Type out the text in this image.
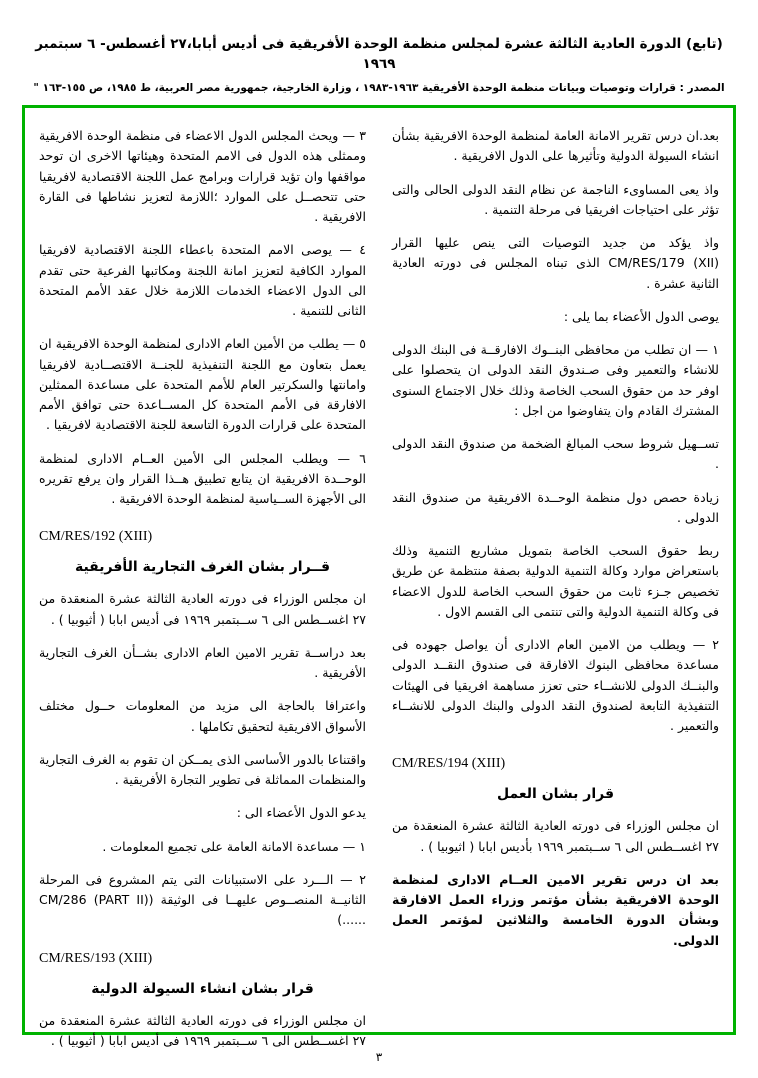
(تابع) الدورة العادية الثالثة عشرة لمجلس منظمة الوحدة الأفريقية فى أديس أبابا،٢٧ أغسطس- ٦ سبتمبر ١٩٦٩
المصدر : قرارات وتوصيات وبيانات منظمة الوحدة الأفريقية ١٩٦٣-١٩٨٣ ، وزارة الخارجية، جمهورية مصر العربية، ط ١٩٨٥، ص ١٥٥-١٦٣ "

بعد.ان درس تقرير الامانة العامة لمنظمة الوحدة الافريقية بشأن انشاء السيولة الدولية وتأثيرها على الدول الافريقية .

واذ يعى المساوىء الناجمة عن نظام النقد الدولى الحالى والتى تؤثر على احتياجات افريقيا فى مرحلة التنمية .

واذ يؤكد من جديد التوصيات التى ينص عليها القرار CM/RES/179 (XII) الذى تبناه المجلس فى دورته العادية الثانية عشرة .

يوصى الدول الأعضاء بما يلى :

١ — ان تطلب من محافظى البنــوك الافارقــة فى البنك الدولى للانشاء والتعمير وفى صـندوق النقد الدولى ان يتحصلوا على اوفر حد من حقوق السحب الخاصة وذلك خلال الاجتماع السنوى المشترك القادم وان يتفاوضوا من اجل :

تســهيل شروط سحب المبالغ الضخمة من صندوق النقد الدولى .

زيادة حصص دول منظمة الوحــدة الافريقية من صندوق النقد الدولى .

ربط حقوق السحب الخاصة بتمويل مشاريع التنمية وذلك باستعراض موارد وكالة التنمية الدولية بصفة منتظمة عن طريق تخصيص جـزء ثابت من حقوق السحب الخاصة للدول الاعضاء فى وكالة التنمية الدولية والتى تنتمى الى القسم الاول .

٢ — ويطلب من الامين العام الادارى أن يواصل جهوده فى مساعدة محافظى البنوك الافارقة فى صندوق النقــد الدولى والبنــك الدولى للانشــاء حتى تعزز مساهمة افريقيا فى الهيئات التنفيذية التابعة لصندوق النقد الدولى والبنك الدولى للانشــاء والتعمير .

CM/RES/194 (XIII)
قرار بشان العمل

ان مجلس الوزراء فى دورته العادية الثالثة عشرة المنعقدة من ٢٧ اغســطس الى ٦ ســبتمبر ١٩٦٩ بأديس ابابا ( اثيوبيا ) .

بعد ان درس تقرير الامين العــام الادارى لمنظمة الوحدة الافريقية بشأن مؤتمر وزراء العمل الافارقة وبشأن الدورة الخامسة والثلاثين لمؤتمر العمل الدولى.

٣ — ويحث المجلس الدول الاعضاء فى منظمة الوحدة الافريقية وممثلى هذه الدول فى الامم المتحدة وهيئاتها الاخرى ان توحد مواقفها وان تؤيد قرارات وبرامج عمل اللجنة الاقتصادية لافريقيا حتى تتحصــل على الموارد ؛اللازمة لتعزيز نشاطها فى القارة الافريقية .

٤ — يوصى الامم المتحدة باعطاء اللجنة الاقتصادية لافريقيا الموارد الكافية لتعزيز امانة اللجنة ومكاتبها الفرعية حتى تقدم الى الدول الاعضاء الخدمات اللازمة خلال عقد الأمم المتحدة الثانى للتنمية .

٥ — يطلب من الأمين العام الادارى لمنظمة الوحدة الافريقية ان يعمل بتعاون مع اللجنة التنفيذية للجنــة الاقتصــادية لافريقيا وامانتها والسكرتير العام للأمم المتحدة على مساعدة الممثلين الافارقة فى الأمم المتحدة كل المســاعدة حتى توافق الأمم المتحدة على قرارات الدورة التاسعة للجنة الاقتصادية لافريقيا .

٦ — ويطلب المجلس الى الأمين العــام الادارى لمنظمة الوحــدة الافريقية ان يتابع تطبيق هــذا القرار وان يرفع تقريره الى الأجهزة الســياسية لمنظمة الوحدة الافريقية .

CM/RES/192 (XIII)
قــرار بشان الغرف التجارية الأفريقية

ان مجلس الوزراء فى دورته العادية الثالثة عشرة المنعقدة من ٢٧ اغســطس الى ٦ ســبتمبر ١٩٦٩ فى أديس ابابا ( أثيوبيا ) .

بعد دراســة تقرير الامين العام الادارى بشــأن الغرف التجارية الأفريقية .

واعترافا بالحاجة الى مزيد من المعلومات حــول مختلف الأسواق الافريقية لتحقيق تكاملها .

واقتناعا بالدور الأساسى الذى يمــكن ان تقوم به الغرف التجارية والمنظمات المماثلة فى تطوير التجارة الأفريقية .

يدعو الدول الأعضاء الى :

١ — مساعدة الامانة العامة على تجميع المعلومات .

٢ — الـــرد على الاستبيانات التى يتم المشروع فى المرحلة الثانيــة المنصــوص عليهــا فى الوثيقة (CM/286 (PART II) ......)

CM/RES/193 (XIII)
قرار بشان انشاء السيولة الدولية

ان مجلس الوزراء فى دورته العادية الثالثة عشرة المنعقدة من ٢٧ اغســطس الى ٦ ســبتمبر ١٩٦٩ فى أديس ابابا ( أثيوبيا ) .

٣
